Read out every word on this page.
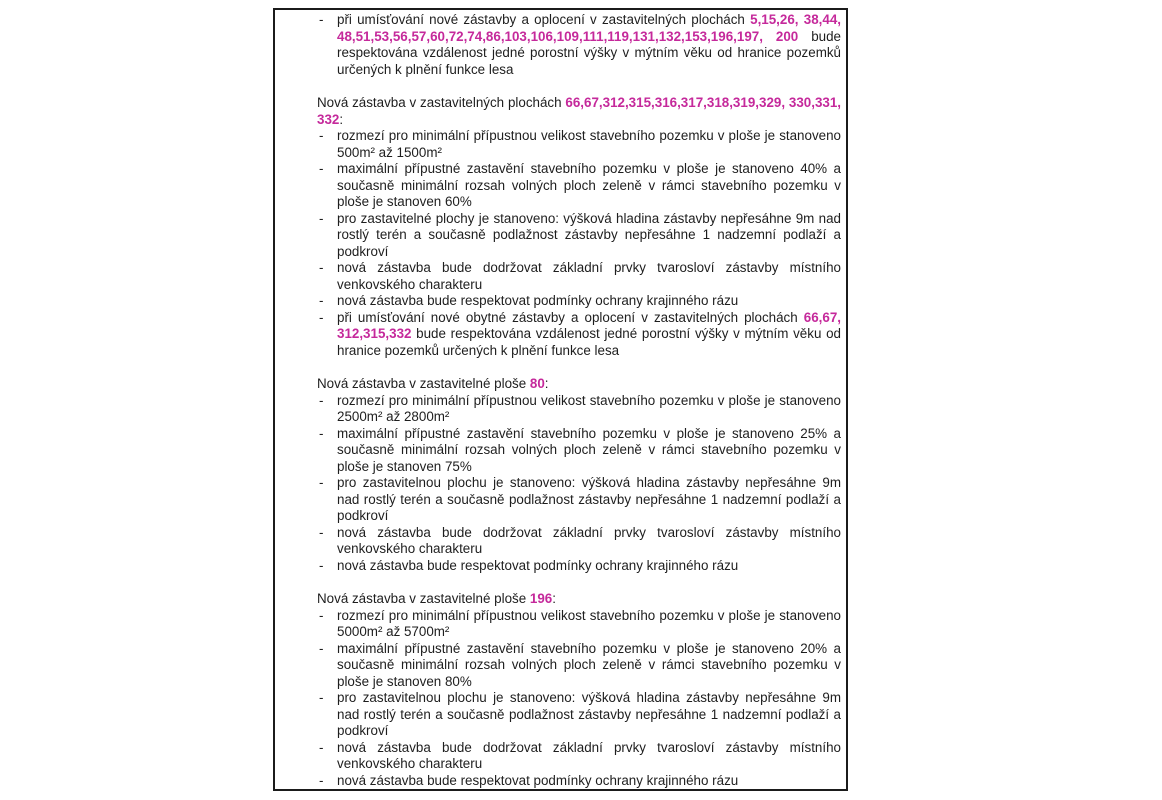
-	při umísťování nové zástavby a oplocení v zastavitelných plochách 5,​15,​26,​ 38,​44,​48,​51,​53,​56,​57,​60,​72,​74,​86,​103,​106,​109,​111,​119,​131,​132,​153,​196,​197,​ 200 bude respektována vzdálenost jedné porostní výšky v mýtním věku od hranice pozemků určených k plnění funkce lesa
Nová zástavba v zastavitelných plochách 66,​67,​312,​315,​316,​317,​318,​319,​329,​ 330,​331,​332:
-	rozmezí pro minimální přípustnou velikost stavebního pozemku v ploše je stanoveno 500m² až 1500m²
-	maximální přípustné zastavění stavebního pozemku v ploše je stanoveno 40% a současně minimální rozsah volných ploch zeleně v rámci stavebního pozemku v ploše je stanoven 60%
-	pro zastavitelné plochy je stanoveno: výšková hladina zástavby nepřesáhne 9m nad rostlý terén a současně podlažnost zástavby nepřesáhne 1 nadzemní podlaží a podkroví
-	nová zástavba bude dodržovat základní prvky tvarosloví zástavby místního venkovského charakteru
-	nová zástavba bude respektovat podmínky ochrany krajinného rázu
-	při umísťování nové obytné zástavby a oplocení v zastavitelných plochách 66,​67,​312,​315,​332 bude respektována vzdálenost jedné porostní výšky v mýtním věku od hranice pozemků určených k plnění funkce lesa
Nová zástavba v zastavitelné ploše 80:
-	rozmezí pro minimální přípustnou velikost stavebního pozemku v ploše je stanoveno 2500m² až 2800m²
-	maximální přípustné zastavění stavebního pozemku v ploše je stanoveno 25% a současně minimální rozsah volných ploch zeleně v rámci stavebního pozemku v ploše je stanoven 75%
-	pro zastavitelnou plochu je stanoveno: výšková hladina zástavby nepřesáhne 9m nad rostlý terén a současně podlažnost zástavby nepřesáhne 1 nadzemní podlaží a podkroví
-	nová zástavba bude dodržovat základní prvky tvarosloví zástavby místního venkovského charakteru
-	nová zástavba bude respektovat podmínky ochrany krajinného rázu
Nová zástavba v zastavitelné ploše 196:
-	rozmezí pro minimální přípustnou velikost stavebního pozemku v ploše je stanoveno 5000m² až 5700m²
-	maximální přípustné zastavění stavebního pozemku v ploše je stanoveno 20% a současně minimální rozsah volných ploch zeleně v rámci stavebního pozemku v ploše je stanoven 80%
-	pro zastavitelnou plochu je stanoveno: výšková hladina zástavby nepřesáhne 9m nad rostlý terén a současně podlažnost zástavby nepřesáhne 1 nadzemní podlaží a podkroví
-	nová zástavba bude dodržovat základní prvky tvarosloví zástavby místního venkovského charakteru
-	nová zástavba bude respektovat podmínky ochrany krajinného rázu
